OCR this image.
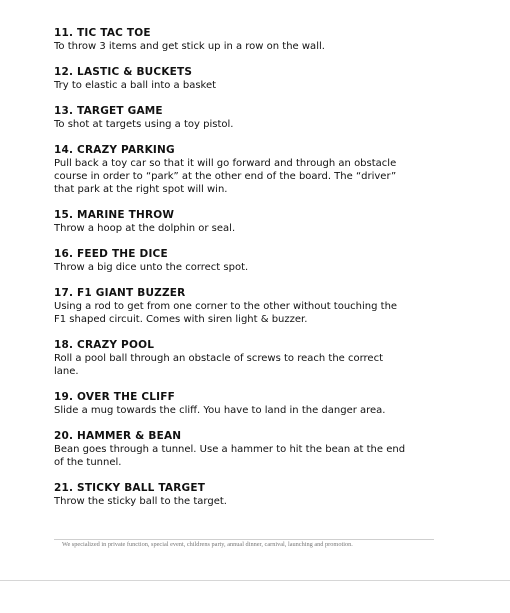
11. TIC TAC TOE
To throw 3 items and get stick up in a row on the wall.
12. LASTIC & BUCKETS
Try to elastic a ball into a basket
13. TARGET GAME
To shot at targets using a toy pistol.
14. CRAZY PARKING
Pull back a toy car so that it will go forward and through an obstacle course in order to “park” at the other end of the board. The “driver” that park at the right spot will win.
15. MARINE THROW
Throw a hoop at the dolphin or seal.
16. FEED THE DICE
Throw a big dice unto the correct spot.
17. F1 GIANT BUZZER
Using a rod to get from one corner to the other without touching the F1 shaped circuit. Comes with siren light & buzzer.
18. CRAZY POOL
Roll a pool ball through an obstacle of screws to reach the correct lane.
19. OVER THE CLIFF
Slide a mug towards the cliff. You have to land in the danger area.
20. HAMMER & BEAN
Bean goes through a tunnel. Use a hammer to hit the bean at the end of the tunnel.
21. STICKY BALL TARGET
Throw the sticky ball to the target.
We specialized in private function, special event, childrens party, annual dinner, carnival, launching and promotion.
